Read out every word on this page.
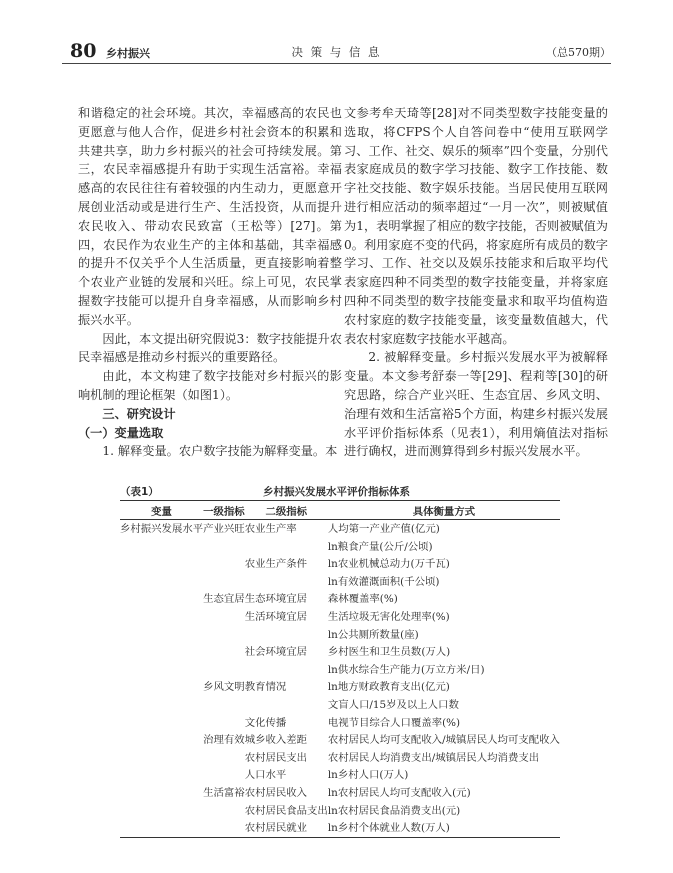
80 乡村振兴	决 策 与 信 息	（总570期）

和谐稳定的社会环境。其次，幸福感高的农民也更愿意与他人合作，促进乡村社会资本的积累和共建共享，助力乡村振兴的社会可持续发展。第三，农民幸福感提升有助于实现生活富裕。幸福感高的农民往往有着较强的内生动力，更愿意开展创业活动或是进行生产、生活投资，从而提升农民收入、带动农民致富（王松等）[27]。第四，农民作为农业生产的主体和基础，其幸福感的提升不仅关乎个人生活质量，更直接影响着整个农业产业链的发展和兴旺。综上可见，农民掌握数字技能可以提升自身幸福感，从而影响乡村振兴水平。

因此，本文提出研究假说3：数字技能提升农民幸福感是推动乡村振兴的重要路径。

由此，本文构建了数字技能对乡村振兴的影响机制的理论框架（如图1）。

三、研究设计

（一）变量选取

1. 解释变量。农户数字技能为解释变量。本

文参考牟天琦等[28]对不同类型数字技能变量的选取，将CFPS个人自答问卷中“使用互联网学习、工作、社交、娱乐的频率”四个变量，分别代表家庭成员的数字学习技能、数字工作技能、数字社交技能、数字娱乐技能。当居民使用互联网进行相应活动的频率超过“一月一次”，则被赋值为1，表明掌握了相应的数字技能，否则被赋值为0。利用家庭不变的代码，将家庭所有成员的数字学习、工作、社交以及娱乐技能求和后取平均代表家庭四种不同类型的数字技能变量，并将家庭四种不同类型的数字技能变量求和取平均值构造农村家庭的数字技能变量，该变量数值越大，代表农村家庭数字技能水平越高。

2. 被解释变量。乡村振兴发展水平为被解释变量。本文参考舒泰一等[29]、程莉等[30]的研究思路，综合产业兴旺、生态宜居、乡风文明、治理有效和生活富裕5个方面，构建乡村振兴发展水平评价指标体系（见表1），利用熵值法对指标进行确权，进而测算得到乡村振兴发展水平。

（表1）	乡村振兴发展水平评价指标体系
变量	一级指标	二级指标	具体衡量方式
乡村振兴发展水平	产业兴旺	农业生产率	人均第一产业产值(亿元)
			ln粮食产量(公斤/公顷)
		农业生产条件	ln农业机械总动力(万千瓦)
			ln有效灌溉面积(千公顷)
	生态宜居	生态环境宜居	森林覆盖率(%)
		生活环境宜居	生活垃圾无害化处理率(%)
			ln公共厕所数量(座)
		社会环境宜居	乡村医生和卫生员数(万人)
			ln供水综合生产能力(万立方米/日)
	乡风文明	教育情况	ln地方财政教育支出(亿元)
			文盲人口/15岁及以上人口数
		文化传播	电视节目综合人口覆盖率(%)
	治理有效	城乡收入差距	农村居民人均可支配收入/城镇居民人均可支配收入
		农村居民支出	农村居民人均消费支出/城镇居民人均消费支出
		人口水平	ln乡村人口(万人)
	生活富裕	农村居民收入	ln农村居民人均可支配收入(元)
		农村居民食品支出	ln农村居民食品消费支出(元)
		农村居民就业	ln乡村个体就业人数(万人)
